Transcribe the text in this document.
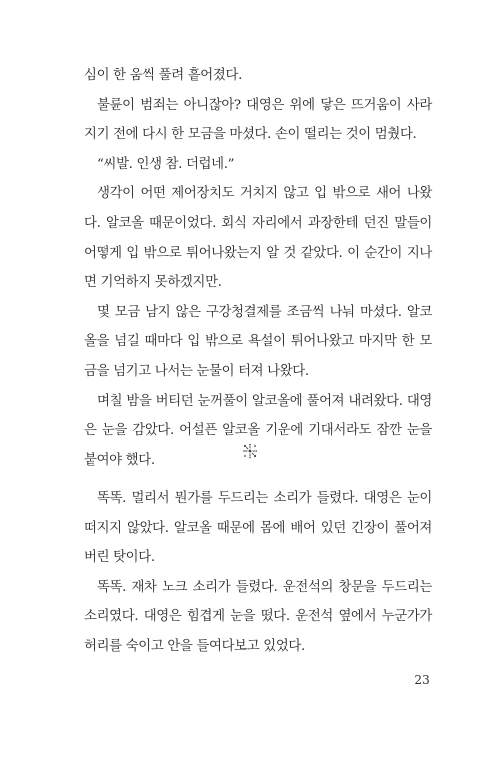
심이 한 움씩 풀려 흩어졌다.

불륜이 범죄는 아니잖아? 대영은 위에 닿은 뜨거움이 사라지기 전에 다시 한 모금을 마셨다. 손이 떨리는 것이 멈췄다.

“씨발. 인생 참. 더럽네.”

생각이 어떤 제어장치도 거치지 않고 입 밖으로 새어 나왔다. 알코올 때문이었다. 회식 자리에서 과장한테 던진 말들이 어떻게 입 밖으로 튀어나왔는지 알 것 같았다. 이 순간이 지나면 기억하지 못하겠지만.

몇 모금 남지 않은 구강청결제를 조금씩 나눠 마셨다. 알코올을 넘길 때마다 입 밖으로 욕설이 튀어나왔고 마지막 한 모금을 넘기고 나서는 눈물이 터져 나왔다.

며칠 밤을 버티던 눈꺼풀이 알코올에 풀어져 내려왔다. 대영은 눈을 감았다. 어설픈 알코올 기운에 기대서라도 잠깐 눈을 붙여야 했다.

똑똑. 멀리서 뭔가를 두드리는 소리가 들렸다. 대영은 눈이 떠지지 않았다. 알코올 때문에 몸에 배어 있던 긴장이 풀어져버린 탓이다.

똑똑. 재차 노크 소리가 들렸다. 운전석의 창문을 두드리는 소리였다. 대영은 힘겹게 눈을 떴다. 운전석 옆에서 누군가가 허리를 숙이고 안을 들여다보고 있었다.

23
